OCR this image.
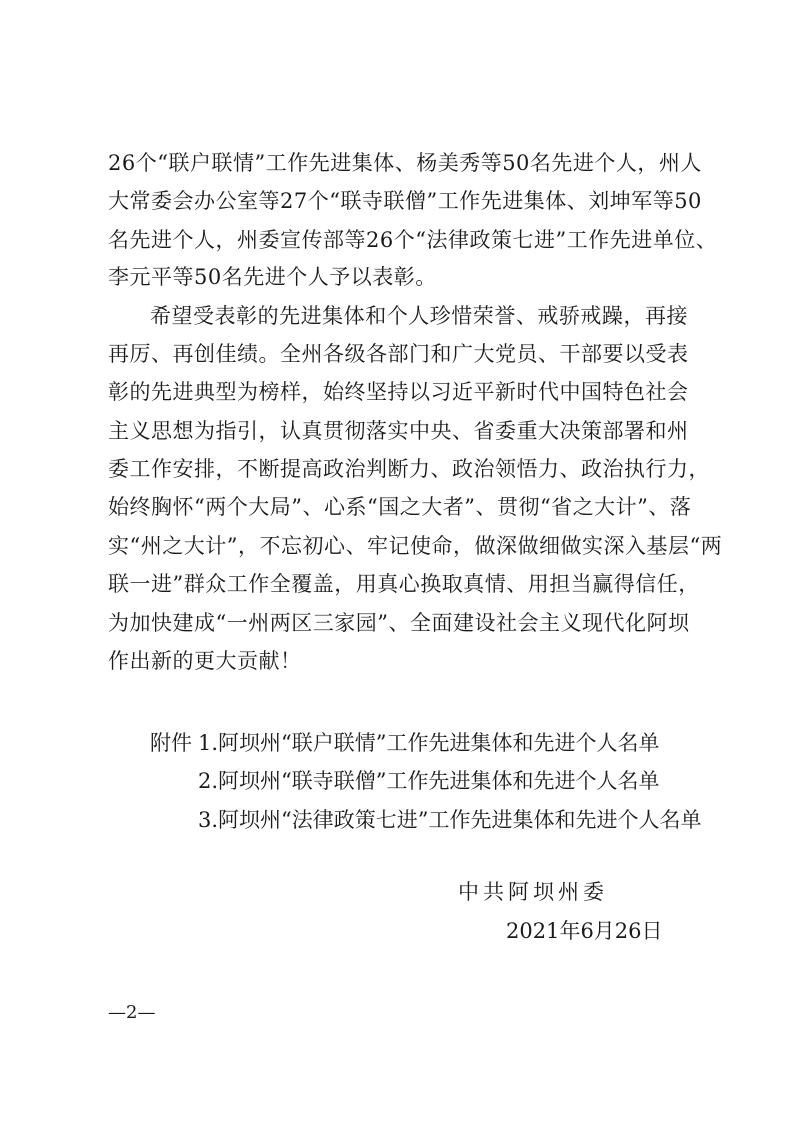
26个“联户联情”工作先进集体、杨美秀等50名先进个人，州人
大常委会办公室等27个“联寺联僧”工作先进集体、刘坤军等50
名先进个人，州委宣传部等26个“法律政策七进”工作先进单位、
李元平等50名先进个人予以表彰。
希望受表彰的先进集体和个人珍惜荣誉、戒骄戒躁，再接
再厉、再创佳绩。全州各级各部门和广大党员、干部要以受表
彰的先进典型为榜样，始终坚持以习近平新时代中国特色社会
主义思想为指引，认真贯彻落实中央、省委重大决策部署和州
委工作安排，不断提高政治判断力、政治领悟力、政治执行力，
始终胸怀“两个大局”、心系“国之大者”、贯彻“省之大计”、落
实“州之大计”，不忘初心、牢记使命，做深做细做实深入基层“两
联一进”群众工作全覆盖，用真心换取真情、用担当赢得信任，
为加快建成“一州两区三家园”、全面建设社会主义现代化阿坝
作出新的更大贡献！
附件 1.阿坝州“联户联情”工作先进集体和先进个人名单
2.阿坝州“联寺联僧”工作先进集体和先进个人名单
3.阿坝州“法律政策七进”工作先进集体和先进个人名单
中共阿坝州委
2021年6月26日
—2—
